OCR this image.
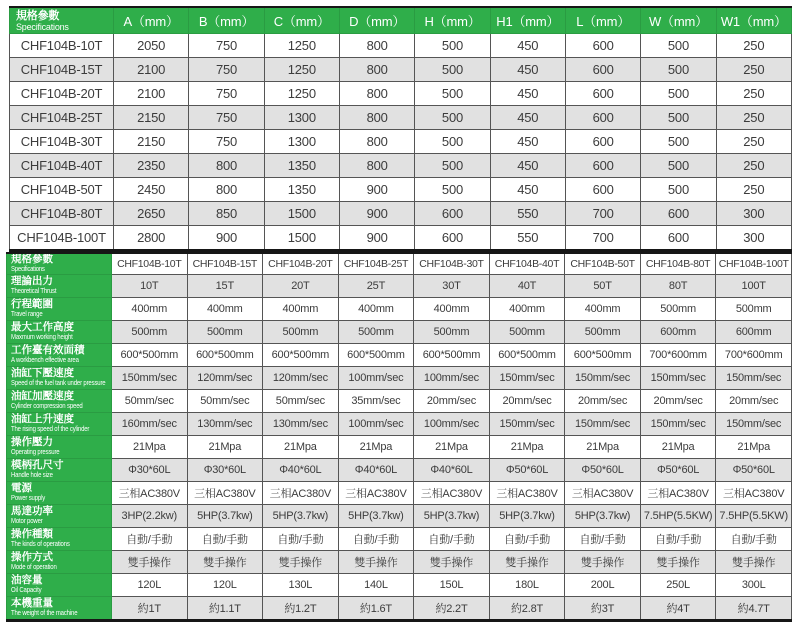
規格參數
Specifications	A（mm）	B（mm）	C（mm）	D（mm）	H（mm）	H1（mm）	L（mm）	W（mm）	W1（mm）
CHF104B-10T	2050	750	1250	800	500	450	600	500	250
CHF104B-15T	2100	750	1250	800	500	450	600	500	250
CHF104B-20T	2100	750	1250	800	500	450	600	500	250
CHF104B-25T	2150	750	1300	800	500	450	600	500	250
CHF104B-30T	2150	750	1300	800	500	450	600	500	250
CHF104B-40T	2350	800	1350	800	500	450	600	500	250
CHF104B-50T	2450	800	1350	900	500	450	600	500	250
CHF104B-80T	2650	850	1500	900	600	550	700	600	300
CHF104B-100T	2800	900	1500	900	600	550	700	600	300
規格參數
Specifications	CHF104B-10T	CHF104B-15T	CHF104B-20T	CHF104B-25T	CHF104B-30T	CHF104B-40T	CHF104B-50T	CHF104B-80T	CHF104B-100T

理論出力
Theoretical Thrust	10T	15T	20T	25T	30T	40T	50T	80T	100T

行程範圍
Travel range	400mm	400mm	400mm	400mm	400mm	400mm	400mm	500mm	500mm

最大工作高度
Maxmum working height	500mm	500mm	500mm	500mm	500mm	500mm	500mm	600mm	600mm

工作臺有效面積
A workbench effective area	600*500mm	600*500mm	600*500mm	600*500mm	600*500mm	600*500mm	600*500mm	700*600mm	700*600mm

油缸下壓速度
Speed of the fuel tank under pressure	150mm/sec	120mm/sec	120mm/sec	100mm/sec	100mm/sec	150mm/sec	150mm/sec	150mm/sec	150mm/sec

油缸加壓速度
Cylinder compression speed	50mm/sec	50mm/sec	50mm/sec	35mm/sec	20mm/sec	20mm/sec	20mm/sec	20mm/sec	20mm/sec

油缸上升速度
The rising speed of the cylinder	160mm/sec	130mm/sec	130mm/sec	100mm/sec	100mm/sec	150mm/sec	150mm/sec	150mm/sec	150mm/sec

操作壓力
Operating pressure	21Mpa	21Mpa	21Mpa	21Mpa	21Mpa	21Mpa	21Mpa	21Mpa	21Mpa

模柄孔尺寸
Handle hole size	Φ30*60L	Φ30*60L	Φ40*60L	Φ40*60L	Φ40*60L	Φ50*60L	Φ50*60L	Φ50*60L	Φ50*60L

電源
Power supply	三相AC380V	三相AC380V	三相AC380V	三相AC380V	三相AC380V	三相AC380V	三相AC380V	三相AC380V	三相AC380V

馬達功率
Motor power	3HP(2.2kw)	5HP(3.7kw)	5HP(3.7kw)	5HP(3.7kw)	5HP(3.7kw)	5HP(3.7kw)	5HP(3.7kw)	7.5HP(5.5KW)	7.5HP(5.5KW)

操作種類
The kinds of operations	自動/手動	自動/手動	自動/手動	自動/手動	自動/手動	自動/手動	自動/手動	自動/手動	自動/手動

操作方式
Mode of operation	雙手操作	雙手操作	雙手操作	雙手操作	雙手操作	雙手操作	雙手操作	雙手操作	雙手操作

油容量
Oil Capacity	120L	120L	130L	140L	150L	180L	200L	250L	300L

本機重量
The weight of the machine	約1T	約1.1T	約1.2T	約1.6T	約2.2T	約2.8T	約3T	約4T	約4.7T
